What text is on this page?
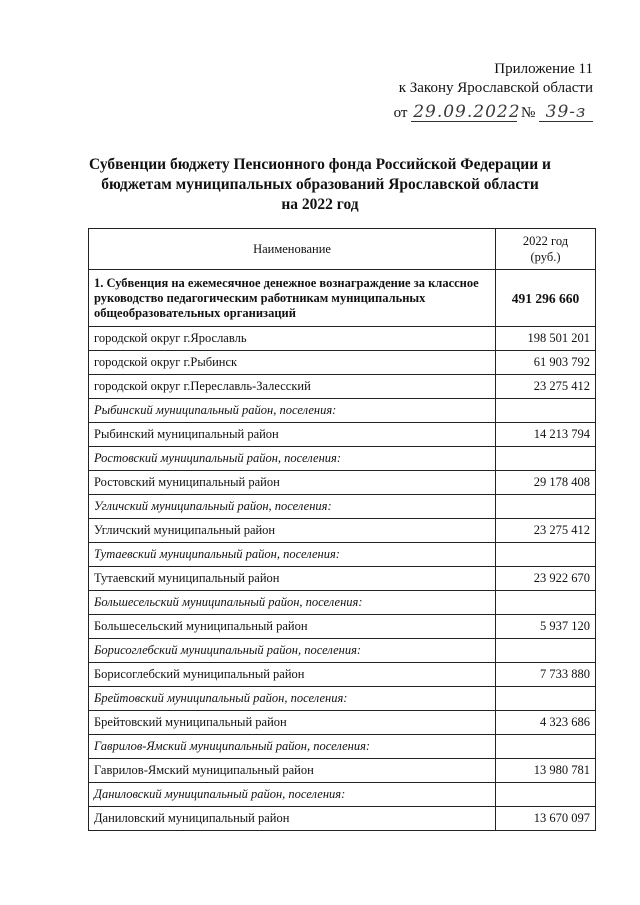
Приложение 11
к Закону Ярославской области
от 29.09.2022 № 39-з
Субвенции бюджету Пенсионного фонда Российской Федерации и
бюджетам муниципальных образований Ярославской области
на 2022 год
Наименование	2022 год
(руб.)

1. Субвенция на ежемесячное денежное вознаграждение за классное руководство педагогическим работникам муниципальных общеобразовательных организаций	491 296 660
городской округ г.Ярославль	198 501 201
городской округ г.Рыбинск	61 903 792
городской округ г.Переславль-Залесский	23 275 412
Рыбинский муниципальный район, поселения:	
Рыбинский муниципальный район	14 213 794
Ростовский муниципальный район, поселения:	
Ростовский муниципальный район	29 178 408
Угличский муниципальный район, поселения:	
Угличский муниципальный район	23 275 412
Тутаевский муниципальный район, поселения:	
Тутаевский муниципальный район	23 922 670
Большесельский муниципальный район, поселения:	
Большесельский муниципальный район	5 937 120
Борисоглебский муниципальный район, поселения:	
Борисоглебский муниципальный район	7 733 880
Брейтовский муниципальный район, поселения:	
Брейтовский муниципальный район	4 323 686
Гаврилов-Ямский муниципальный район, поселения:	
Гаврилов-Ямский муниципальный район	13 980 781
Даниловский муниципальный район, поселения:	
Даниловский муниципальный район	13 670 097
